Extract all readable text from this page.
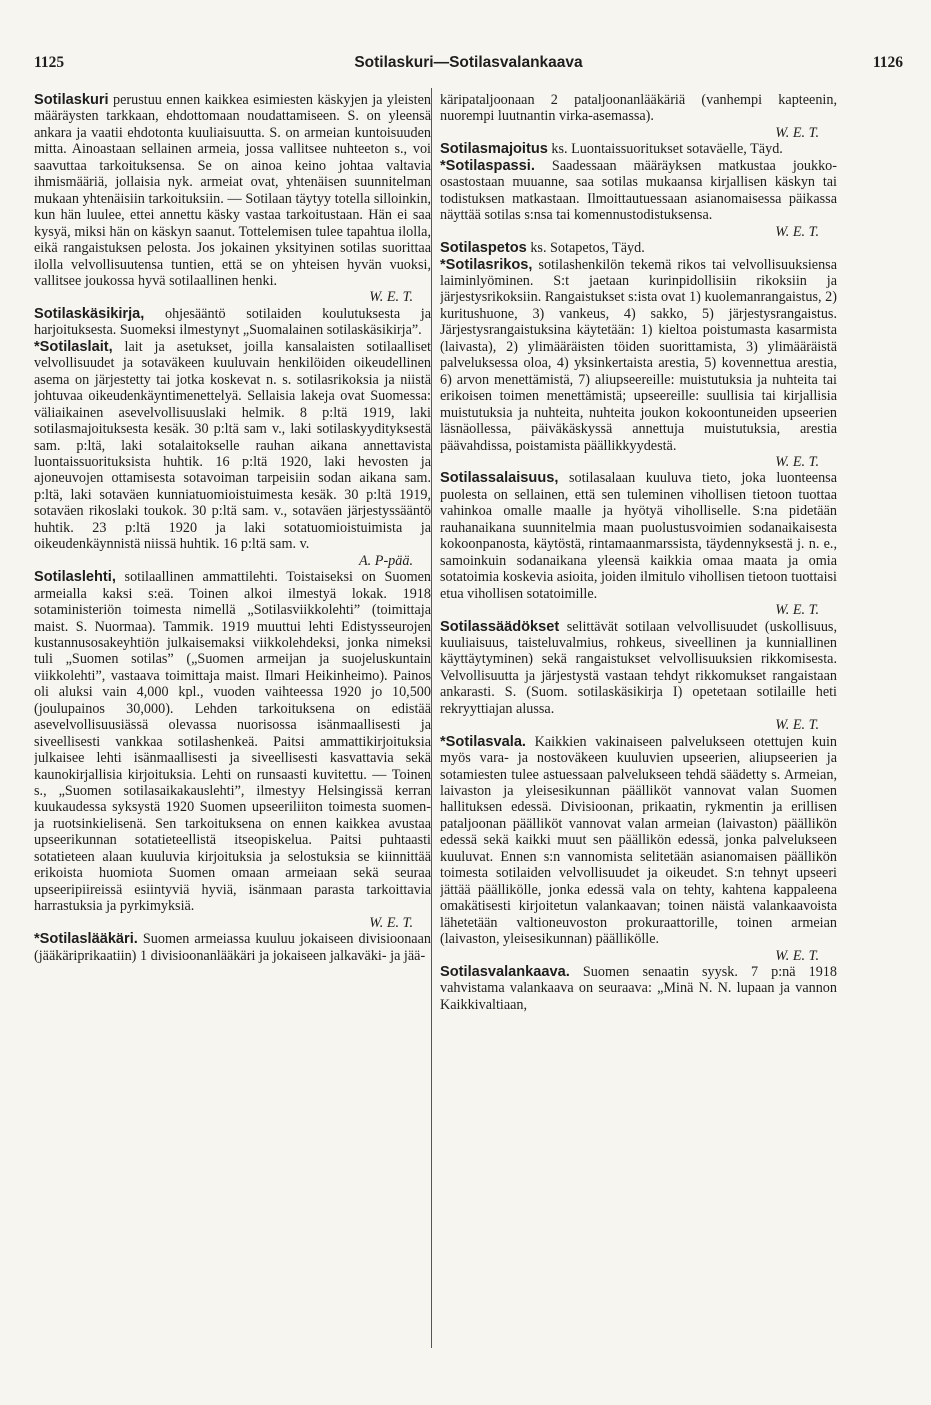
1125	Sotilaskuri—Sotilasvalankaava	1126

Sotilaskuri perustuu ennen kaikkea esimiesten käskyjen ja yleisten määräysten tarkkaan, ehdottomaan noudattamiseen. S. on yleensä ankara ja vaatii ehdotonta kuuliaisuutta. S. on armeian kuntoisuuden mitta. Ainoastaan sellainen armeia, jossa vallitsee nuhteeton s., voi saavuttaa tarkoituksensa. Se on ainoa keino johtaa valtavia ihmismääriä, jollaisia nyk. armeiat ovat, yhtenäisen suunnitelman mukaan yhtenäisiin tarkoituksiin. — Sotilaan täytyy totella silloinkin, kun hän luulee, ettei annettu käsky vastaa tarkoitustaan. Hän ei saa kysyä, miksi hän on käskyn saanut. Tottelemisen tulee tapahtua ilolla, eikä rangaistuksen pelosta. Jos jokainen yksityinen sotilas suorittaa ilolla velvollisuutensa tuntien, että se on yhteisen hyvän vuoksi, vallitsee joukossa hyvä sotilaallinen henki.
W. E. T.

Sotilaskäsikirja, ohjesääntö sotilaiden koulutuksesta ja harjoituksesta. Suomeksi ilmestynyt „Suomalainen sotilaskäsikirja”.

*Sotilaslait, lait ja asetukset, joilla kansalaisten sotilaalliset velvollisuudet ja sotaväkeen kuuluvain henkilöiden oikeudellinen asema on järjestetty tai jotka koskevat n. s. sotilasrikoksia ja niistä johtuvaa oikeudenkäyntimenettelyä. Sellaisia lakeja ovat Suomessa: väliaikainen asevelvollisuuslaki helmik. 8 p:ltä 1919, laki sotilasmajoituksesta kesäk. 30 p:ltä sam v., laki sotilaskyydityksestä sam. p:ltä, laki sotalaitokselle rauhan aikana annettavista luontaissuorituksista huhtik. 16 p:ltä 1920, laki hevosten ja ajoneuvojen ottamisesta sotavoiman tarpeisiin sodan aikana sam. p:ltä, laki sotaväen kunniatuomioistuimesta kesäk. 30 p:ltä 1919, sotaväen rikoslaki toukok. 30 p:ltä sam. v., sotaväen järjestyssääntö huhtik. 23 p:ltä 1920 ja laki sotatuomioistuimista ja oikeudenkäynnistä niissä huhtik. 16 p:ltä sam. v.
A. P-pää.

Sotilaslehti, sotilaallinen ammattilehti. Toistaiseksi on Suomen armeialla kaksi s:eä. Toinen alkoi ilmestyä lokak. 1918 sotaministeriön toimesta nimellä „Sotilasviikkolehti” (toimittaja maist. S. Nuormaa). Tammik. 1919 muuttui lehti Edistysseurojen kustannusosakeyhtiön julkaisemaksi viikkolehdeksi, jonka nimeksi tuli „Suomen sotilas” („Suomen armeijan ja suojeluskuntain viikkolehti”, vastaava toimittaja maist. Ilmari Heikinheimo). Painos oli aluksi vain 4,000 kpl., vuoden vaihteessa 1920 jo 10,500 (joulupainos 30,000). Lehden tarkoituksena on edistää asevelvollisuusiässä olevassa nuorisossa isänmaallisesti ja siveellisesti vankkaa sotilashenkeä. Paitsi ammattikirjoituksia julkaisee lehti isänmaallisesti ja siveellisesti kasvattavia sekä kaunokirjallisia kirjoituksia. Lehti on runsaasti kuvitettu. — Toinen s., „Suomen sotilasaikakauslehti”, ilmestyy Helsingissä kerran kuukaudessa syksystä 1920 Suomen upseeriliiton toimesta suomen- ja ruotsinkielisenä. Sen tarkoituksena on ennen kaikkea avustaa upseerikunnan sotatieteellistä itseopiskelua. Paitsi puhtaasti sotatieteen alaan kuuluvia kirjoituksia ja selostuksia se kiinnittää erikoista huomiota Suomen omaan armeiaan sekä seuraa upseeripiireissä esiintyviä hyviä, isänmaan parasta tarkoittavia harrastuksia ja pyrkimyksiä.
W. E. T.

*Sotilaslääkäri. Suomen armeiassa kuuluu jokaiseen divisioonaan (jääkäriprikaatiin) 1 divisioonanlääkäri ja jokaiseen jalkaväki- ja jää-

käripataljoonaan 2 pataljoonanlääkäriä (vanhempi kapteenin, nuorempi luutnantin virka-asemassa).
W. E. T.

Sotilasmajoitus ks. Luontaissuoritukset sotaväelle, Täyd.

*Sotilaspassi. Saadessaan määräyksen matkustaa joukko-osastostaan muuanne, saa sotilas mukaansa kirjallisen käskyn tai todistuksen matkastaan. Ilmoittautuessaan asianomaisessa päikassa näyttää sotilas s:nsa tai komennustodistuksensa.
W. E. T.

Sotilaspetos ks. Sotapetos, Täyd.

*Sotilasrikos, sotilashenkilön tekemä rikos tai velvollisuuksiensa laiminlyöminen. S:t jaetaan kurinpidollisiin rikoksiin ja järjestysrikoksiin. Rangaistukset s:ista ovat 1) kuolemanrangaistus, 2) kuritushuone, 3) vankeus, 4) sakko, 5) järjestysrangaistus. Järjestysrangaistuksina käytetään: 1) kieltoa poistumasta kasarmista (laivasta), 2) ylimääräisten töiden suorittamista, 3) ylimääräistä palveluksessa oloa, 4) yksinkertaista arestia, 5) kovennettua arestia, 6) arvon menettämistä, 7) aliupseereille: muistutuksia ja nuhteita tai erikoisen toimen menettämistä; upseereille: suullisia tai kirjallisia muistutuksia ja nuhteita, nuhteita joukon kokoontuneiden upseerien läsnäollessa, päiväkäskyssä annettuja muistutuksia, arestia päävahdissa, poistamista päällikkyydestä.
W. E. T.

Sotilassalaisuus, sotilasalaan kuuluva tieto, joka luonteensa puolesta on sellainen, että sen tuleminen vihollisen tietoon tuottaa vahinkoa omalle maalle ja hyötyä viholliselle. S:na pidetään rauhanaikana suunnitelmia maan puolustusvoimien sodanaikaisesta kokoonpanosta, käytöstä, rintamaanmarssista, täydennyksestä j. n. e., samoinkuin sodanaikana yleensä kaikkia omaa maata ja omia sotatoimia koskevia asioita, joiden ilmitulo vihollisen tietoon tuottaisi etua vihollisen sotatoimille.
W. E. T.

Sotilassäädökset selittävät sotilaan velvollisuudet (uskollisuus, kuuliaisuus, taisteluvalmius, rohkeus, siveellinen ja kunniallinen käyttäytyminen) sekä rangaistukset velvollisuuksien rikkomisesta. Velvollisuutta ja järjestystä vastaan tehdyt rikkomukset rangaistaan ankarasti. S. (Suom. sotilaskäsikirja I) opetetaan sotilaille heti rekryyttiajan alussa.
W. E. T.

*Sotilasvala. Kaikkien vakinaiseen palvelukseen otettujen kuin myös vara- ja nostoväkeen kuuluvien upseerien, aliupseerien ja sotamiesten tulee astuessaan palvelukseen tehdä säädetty s. Armeian, laivaston ja yleisesikunnan päälliköt vannovat valan Suomen hallituksen edessä. Divisioonan, prikaatin, rykmentin ja erillisen pataljoonan päälliköt vannovat valan armeian (laivaston) päällikön edessä sekä kaikki muut sen päällikön edessä, jonka palvelukseen kuuluvat. Ennen s:n vannomista selitetään asianomaisen päällikön toimesta sotilaiden velvollisuudet ja oikeudet. S:n tehnyt upseeri jättää päällikölle, jonka edessä vala on tehty, kahtena kappaleena omakätisesti kirjoitetun valankaavan; toinen näistä valankaavoista lähetetään valtioneuvoston prokuraattorille, toinen armeian (laivaston, yleisesikunnan) päällikölle.
W. E. T.

Sotilasvalankaava. Suomen senaatin syysk. 7 p:nä 1918 vahvistama valankaava on seuraava: „Minä N. N. lupaan ja vannon Kaikkivaltiaan,
